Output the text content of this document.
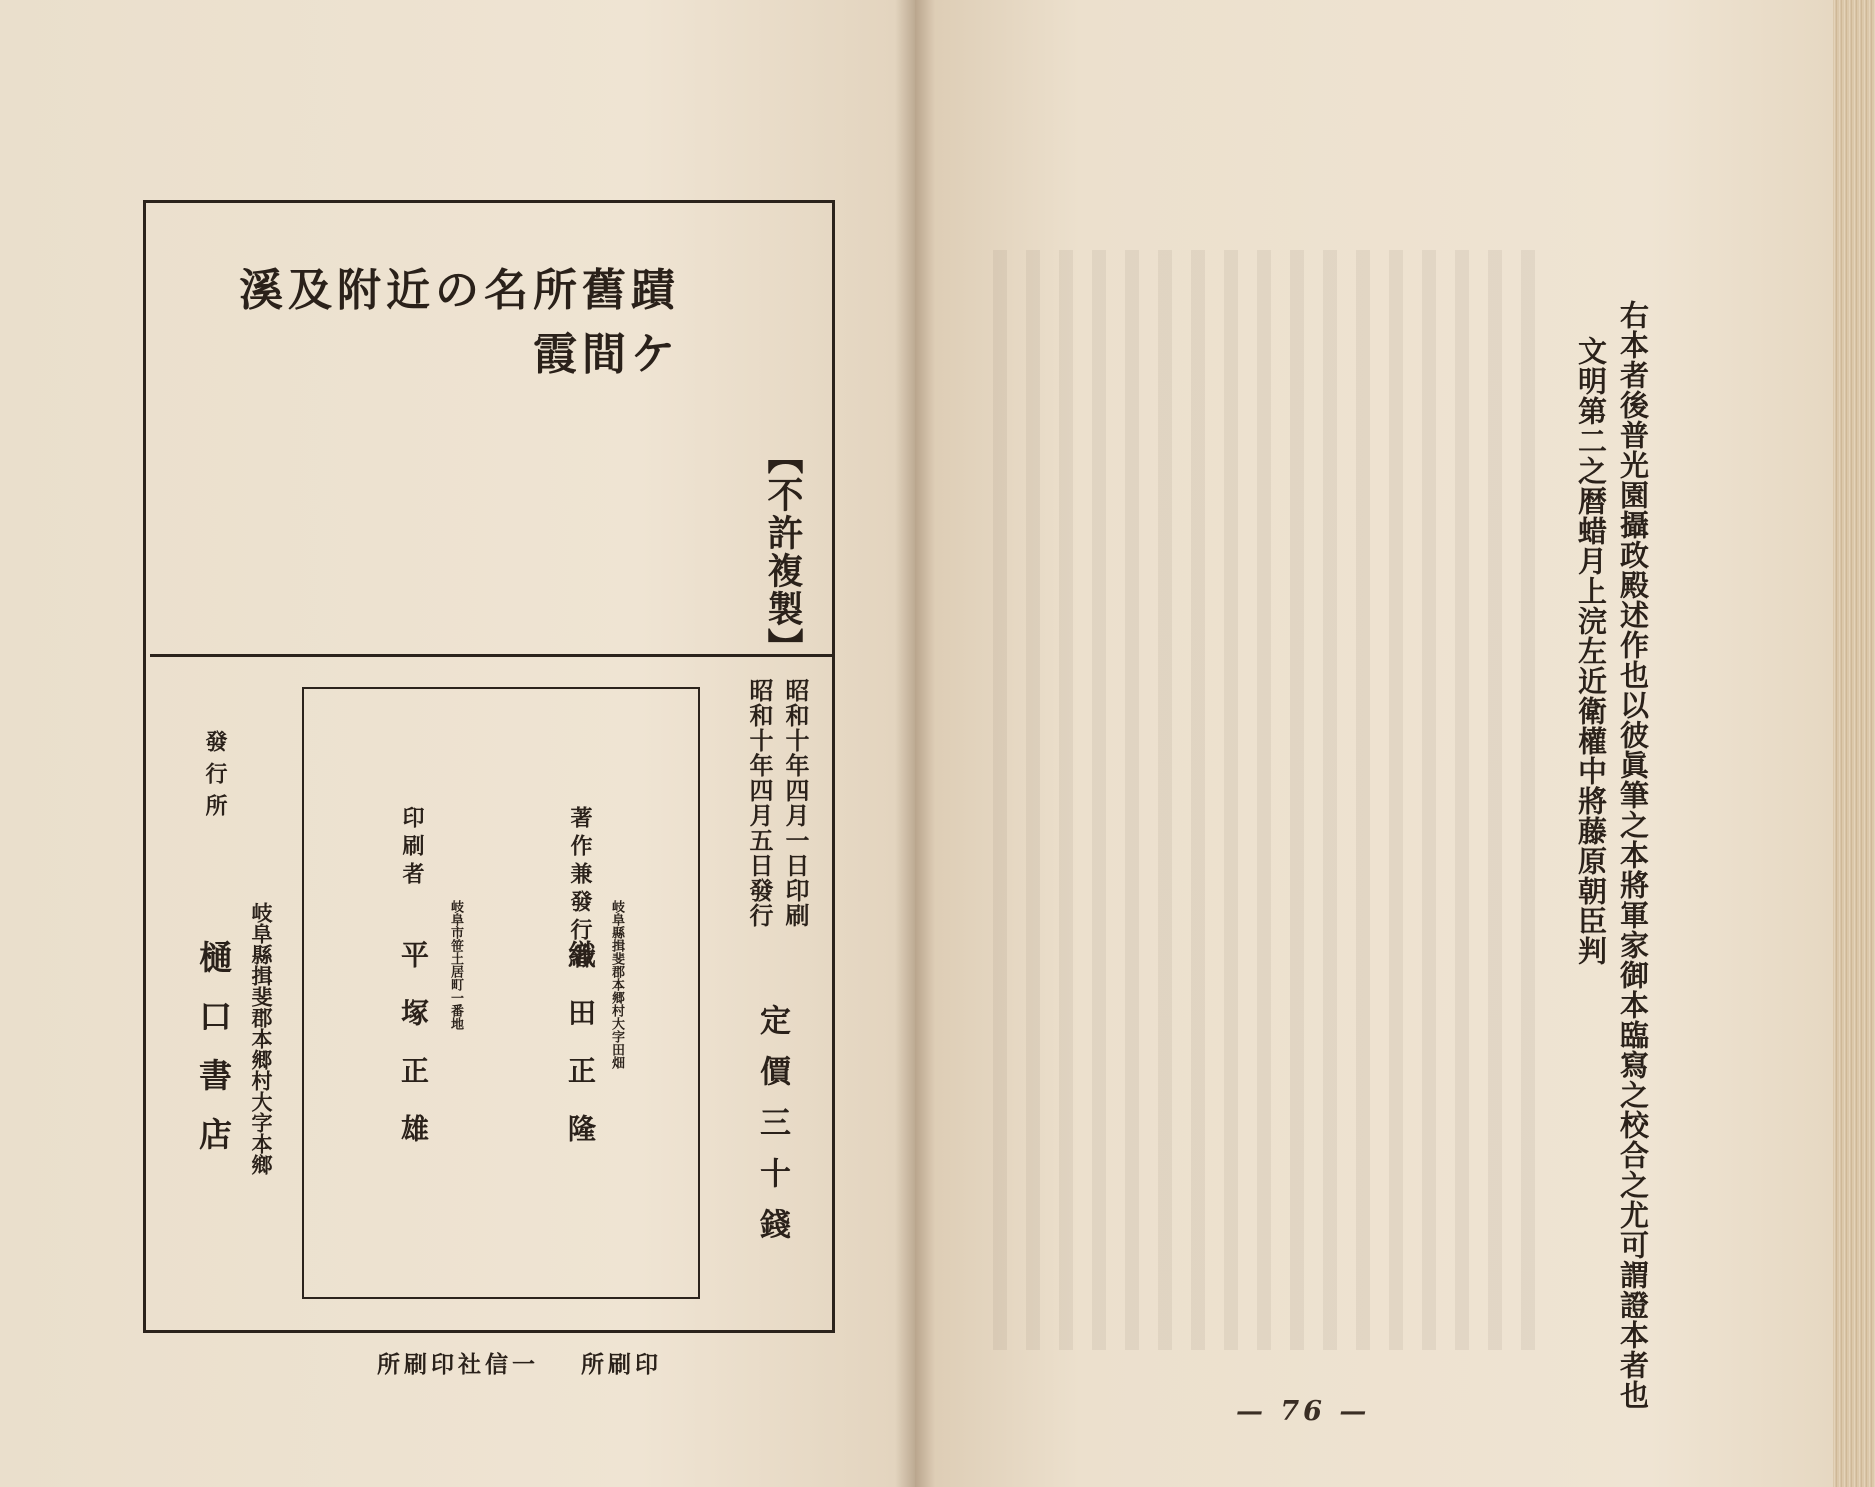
蹟舊所名の近附及溪ケ間霞
【不許複製】
昭和十年四月一日印刷
昭和十年四月五日發行
定價三十錢
著作兼發行者
岐阜縣揖斐郡本郷村大字田畑
織田正隆
印刷者
岐阜市笹土居町一番地
平塚正雄
發行所
岐阜縣揖斐郡本郷村大字本鄉
樋口書店
印刷所一信社印刷所	右本者後普光園攝政殿述作也以彼眞筆之本將軍家御本臨寫之校合之尤可謂證本者也
文明第二之暦蜡月上浣左近衛權中將藤原朝臣判
— 76 —
